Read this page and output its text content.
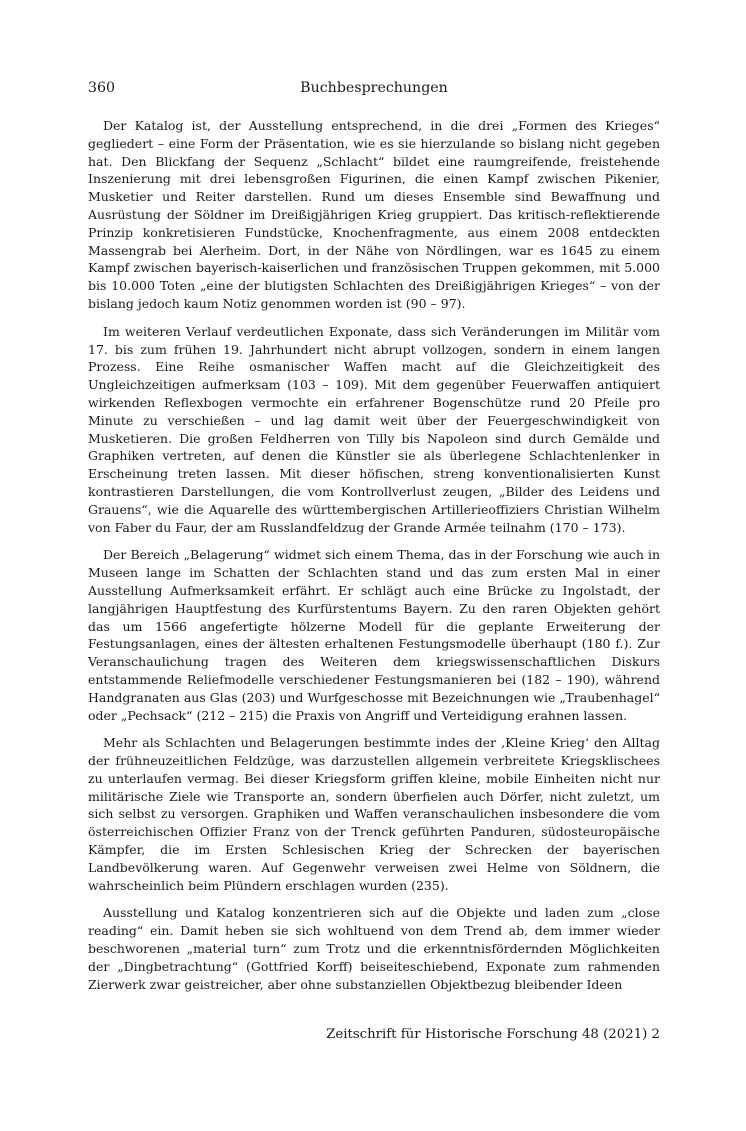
360	Buchbesprechungen

Der Katalog ist, der Ausstellung entsprechend, in die drei „Formen des Krieges“ gegliedert – eine Form der Präsentation, wie es sie hierzulande so bislang nicht gegeben hat. Den Blickfang der Sequenz „Schlacht“ bildet eine raumgreifende, freistehende Inszenierung mit drei lebensgroßen Figurinen, die einen Kampf zwischen Pikenier, Musketier und Reiter darstellen. Rund um dieses Ensemble sind Bewaffnung und Ausrüstung der Söldner im Dreißigjährigen Krieg gruppiert. Das kritisch-reflektierende Prinzip konkretisieren Fundstücke, Knochenfragmente, aus einem 2008 entdeckten Massengrab bei Alerheim. Dort, in der Nähe von Nördlingen, war es 1645 zu einem Kampf zwischen bayerisch-kaiserlichen und französischen Truppen gekommen, mit 5.000 bis 10.000 Toten „eine der blutigsten Schlachten des Dreißigjährigen Krieges“ – von der bislang jedoch kaum Notiz genommen worden ist (90 – 97).

Im weiteren Verlauf verdeutlichen Exponate, dass sich Veränderungen im Militär vom 17. bis zum frühen 19. Jahrhundert nicht abrupt vollzogen, sondern in einem langen Prozess. Eine Reihe osmanischer Waffen macht auf die Gleichzeitigkeit des Ungleichzeitigen aufmerksam (103 – 109). Mit dem gegenüber Feuerwaffen antiquiert wirkenden Reflexbogen vermochte ein erfahrener Bogenschütze rund 20 Pfeile pro Minute zu verschießen – und lag damit weit über der Feuergeschwindigkeit von Musketieren. Die großen Feldherren von Tilly bis Napoleon sind durch Gemälde und Graphiken vertreten, auf denen die Künstler sie als überlegene Schlachtenlenker in Erscheinung treten lassen. Mit dieser höfischen, streng konventionalisierten Kunst kontrastieren Darstellungen, die vom Kontrollverlust zeugen, „Bilder des Leidens und Grauens“, wie die Aquarelle des württembergischen Artillerieoffiziers Christian Wilhelm von Faber du Faur, der am Russlandfeldzug der Grande Armée teilnahm (170 – 173).

Der Bereich „Belagerung“ widmet sich einem Thema, das in der Forschung wie auch in Museen lange im Schatten der Schlachten stand und das zum ersten Mal in einer Ausstellung Aufmerksamkeit erfährt. Er schlägt auch eine Brücke zu Ingolstadt, der langjährigen Hauptfestung des Kurfürstentums Bayern. Zu den raren Objekten gehört das um 1566 angefertigte hölzerne Modell für die geplante Erweiterung der Festungsanlagen, eines der ältesten erhaltenen Festungsmodelle überhaupt (180 f.). Zur Veranschaulichung tragen des Weiteren dem kriegswissenschaftlichen Diskurs entstammende Reliefmodelle verschiedener Festungsmanieren bei (182 – 190), während Handgranaten aus Glas (203) und Wurfgeschosse mit Bezeichnungen wie „Traubenhagel“ oder „Pechsack“ (212 – 215) die Praxis von Angriff und Verteidigung erahnen lassen.

Mehr als Schlachten und Belagerungen bestimmte indes der ‚Kleine Krieg‘ den Alltag der frühneuzeitlichen Feldzüge, was darzustellen allgemein verbreitete Kriegsklischees zu unterlaufen vermag. Bei dieser Kriegsform griffen kleine, mobile Einheiten nicht nur militärische Ziele wie Transporte an, sondern überfielen auch Dörfer, nicht zuletzt, um sich selbst zu versorgen. Graphiken und Waffen veranschaulichen insbesondere die vom österreichischen Offizier Franz von der Trenck geführten Panduren, südosteuropäische Kämpfer, die im Ersten Schlesischen Krieg der Schrecken der bayerischen Landbevölkerung waren. Auf Gegenwehr verweisen zwei Helme von Söldnern, die wahrscheinlich beim Plündern erschlagen wurden (235).

Ausstellung und Katalog konzentrieren sich auf die Objekte und laden zum „close reading“ ein. Damit heben sie sich wohltuend von dem Trend ab, dem immer wieder beschworenen „material turn“ zum Trotz und die erkenntnisfördernden Möglichkeiten der „Dingbetrachtung“ (Gottfried Korff) beiseiteschiebend, Exponate zum rahmenden Zierwerk zwar geistreicher, aber ohne substanziellen Objektbezug bleibender Ideen

Zeitschrift für Historische Forschung 48 (2021) 2
